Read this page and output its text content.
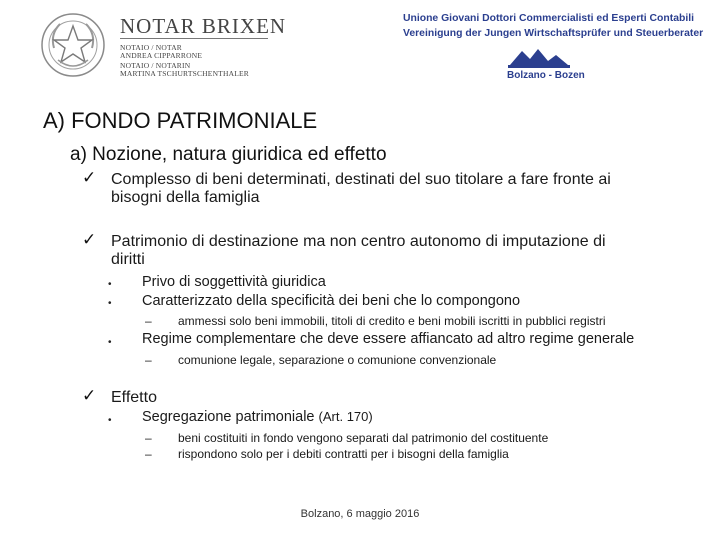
NOTAR BRIXEN
NOTAIO / NOTAR
ANDREA CIPPARRONE
NOTAIO / NOTARIN
MARTINA TSCHURTSCHENTHALER
Unione Giovani Dottori Commercialisti ed Esperti Contabili
Vereinigung der Jungen Wirtschaftsprüfer und Steuerberater
Bolzano - Bozen
A) FONDO PATRIMONIALE
a) Nozione, natura giuridica ed effetto
✓ Complesso di beni determinati, destinati del suo titolare a fare fronte ai
bisogni della famiglia
✓ Patrimonio di destinazione ma non centro autonomo di imputazione di
diritti
• Privo di soggettività giuridica
• Caratterizzato della specificità dei beni che lo compongono
– ammessi solo beni immobili, titoli di credito e beni mobili iscritti in pubblici registri
• Regime complementare che deve essere affiancato ad altro regime generale
– comunione legale, separazione o comunione convenzionale
✓ Effetto
• Segregazione patrimoniale (Art. 170)
– beni costituiti in fondo vengono separati dal patrimonio del costituente
– rispondono solo per i debiti contratti per i bisogni della famiglia
Bolzano, 6 maggio 2016
